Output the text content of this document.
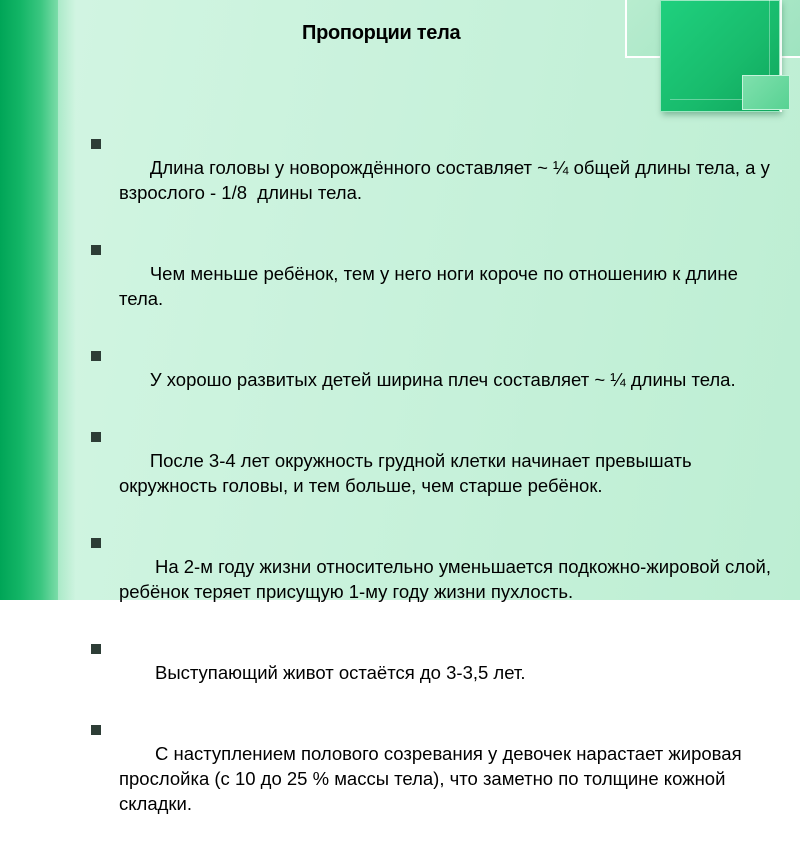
Пропорции тела

Длина головы у новорождённого составляет ~ ¼ общей длины тела, а у взрослого - 1/8  длины тела.

Чем меньше ребёнок, тем у него ноги короче по отношению к длине тела.

У хорошо развитых детей ширина плеч составляет ~ ¼ длины тела.

После 3-4 лет окружность грудной клетки начинает превышать окружность головы, и тем больше, чем старше ребёнок.

На 2-м году жизни относительно уменьшается подкожно-жировой слой, ребёнок теряет присущую 1-му году жизни пухлость.

Выступающий живот остаётся до 3-3,5 лет.

С наступлением полового созревания у девочек нарастает жировая прослойка (с 10 до 25 % массы тела), что заметно по толщине кожной складки.
